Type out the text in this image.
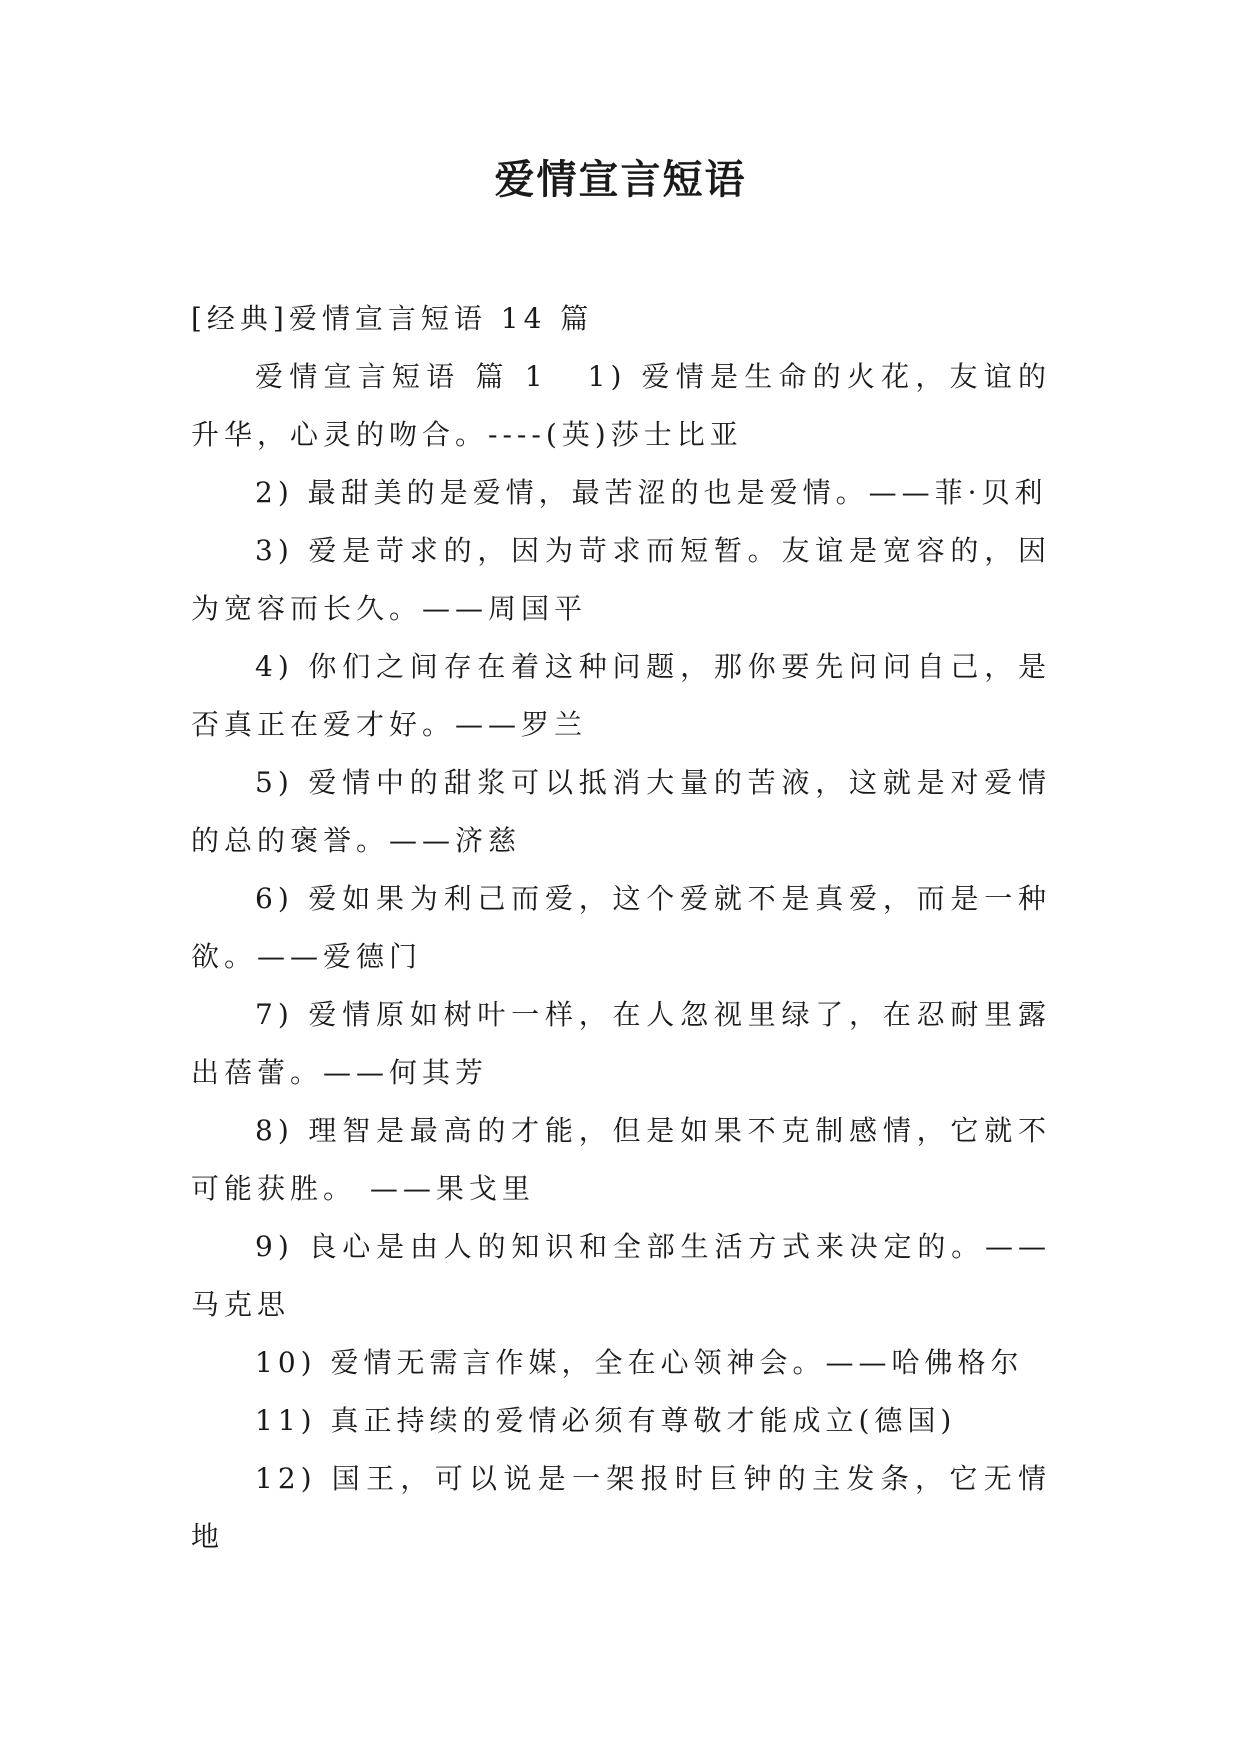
爱情宣言短语

[经典]爱情宣言短语 14 篇

爱情宣言短语 篇 1 1) 爱情是生命的火花，友谊的升华，心灵的吻合。----(英)莎士比亚

2) 最甜美的是爱情，最苦涩的也是爱情。——菲·贝利

3) 爱是苛求的，因为苛求而短暂。友谊是宽容的，因为宽容而长久。——周国平

4) 你们之间存在着这种问题，那你要先问问自己，是否真正在爱才好。——罗兰

5) 爱情中的甜浆可以抵消大量的苦液，这就是对爱情的总的褒誉。——济慈

6) 爱如果为利己而爱，这个爱就不是真爱，而是一种欲。——爱德门

7) 爱情原如树叶一样，在人忽视里绿了，在忍耐里露出蓓蕾。——何其芳

8) 理智是最高的才能，但是如果不克制感情，它就不可能获胜。 ——果戈里

9) 良心是由人的知识和全部生活方式来决定的。——马克思

10) 爱情无需言作媒，全在心领神会。——哈佛格尔

11) 真正持续的爱情必须有尊敬才能成立(德国)

12) 国王，可以说是一架报时巨钟的主发条，它无情地
